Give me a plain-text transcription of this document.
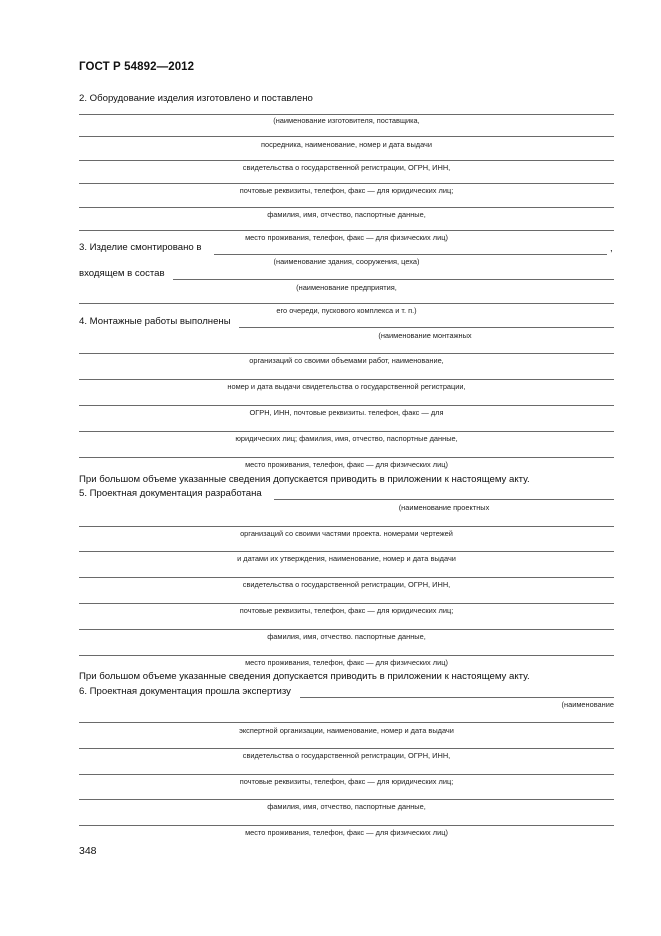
ГОСТ Р 54892—2012
2. Оборудование изделия изготовлено и поставлено
(наименование изготовителя, поставщика,
посредника, наименование, номер и дата выдачи
свидетельства о государственной регистрации, ОГРН, ИНН,
почтовые реквизиты, телефон, факс — для юридических лиц;
фамилия, имя, отчество, паспортные данные,
место проживания, телефон, факс — для физических лиц)
3. Изделие смонтировано в	,
(наименование здания, сооружения, цеха)
входящем в состав
(наименование предприятия,
его очереди, пускового комплекса и т. п.)
4. Монтажные работы выполнены
(наименование монтажных
организаций со своими объемами работ, наименование,
номер и дата выдачи свидетельства о государственной регистрации,
ОГРН, ИНН, почтовые реквизиты. телефон, факс — для
юридических лиц; фамилия, имя, отчество, паспортные данные,
место проживания, телефон, факс — для физических лиц)
При большом объеме указанные сведения допускается приводить в приложении к настоящему акту.
5. Проектная документация разработана
(наименование проектных
организаций со своими частями проекта. номерами чертежей
и датами их утверждения, наименование, номер и дата выдачи
свидетельства о государственной регистрации, ОГРН, ИНН,
почтовые реквизиты, телефон, факс — для юридических лиц;
фамилия, имя, отчество. паспортные данные,
место проживания, телефон, факс — для физических лиц)
При большом объеме указанные сведения допускается приводить в приложении к настоящему акту.
6. Проектная документация прошла экспертизу
(наименование
экспертной организации, наименование, номер и дата выдачи
свидетельства о государственной регистрации, ОГРН, ИНН,
почтовые реквизиты, телефон, факс — для юридических лиц;
фамилия, имя, отчество, паспортные данные,
место проживания, телефон, факс — для физических лиц)
348
